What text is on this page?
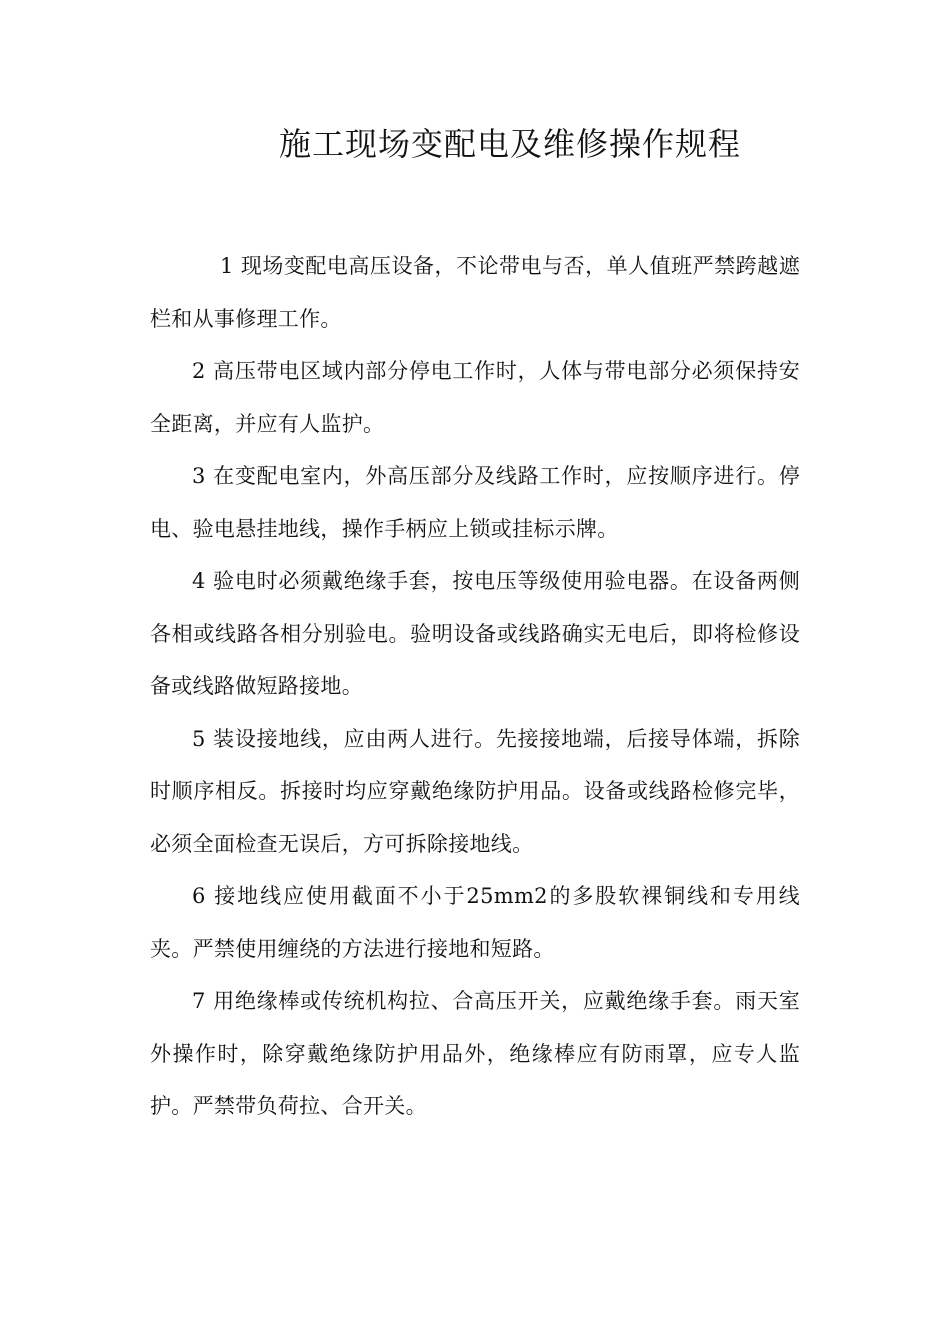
施工现场变配电及维修操作规程

1 现场变配电高压设备，不论带电与否，单人值班严禁跨越遮栏和从事修理工作。

2 高压带电区域内部分停电工作时，人体与带电部分必须保持安全距离，并应有人监护。

3 在变配电室内，外高压部分及线路工作时，应按顺序进行。停电、验电悬挂地线，操作手柄应上锁或挂标示牌。

4 验电时必须戴绝缘手套，按电压等级使用验电器。在设备两侧各相或线路各相分别验电。验明设备或线路确实无电后，即将检修设备或线路做短路接地。

5 装设接地线，应由两人进行。先接接地端，后接导体端，拆除时顺序相反。拆接时均应穿戴绝缘防护用品。设备或线路检修完毕，必须全面检查无误后，方可拆除接地线。

6 接地线应使用截面不小于25mm2的多股软裸铜线和专用线夹。严禁使用缠绕的方法进行接地和短路。

7 用绝缘棒或传统机构拉、合高压开关，应戴绝缘手套。雨天室外操作时，除穿戴绝缘防护用品外，绝缘棒应有防雨罩，应专人监护。严禁带负荷拉、合开关。
